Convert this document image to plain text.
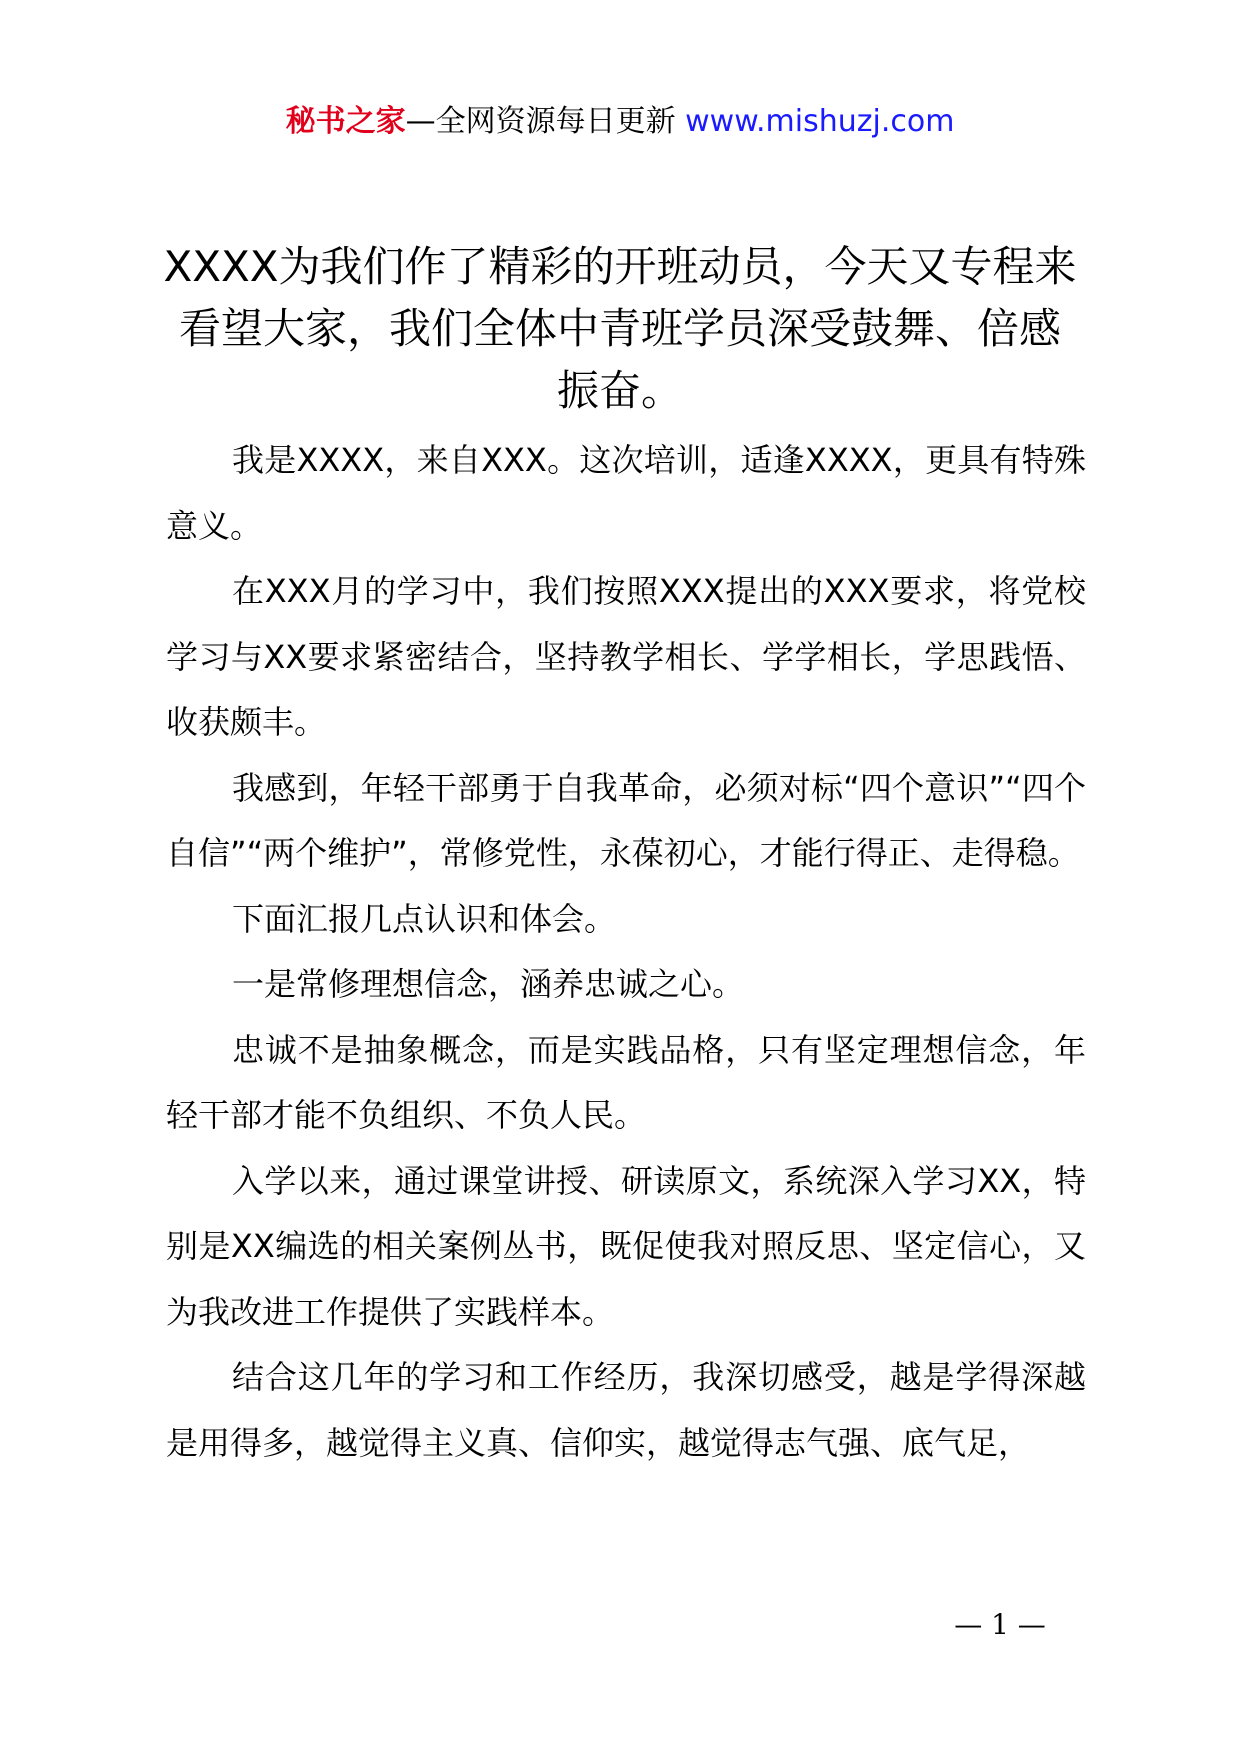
秘书之家—全网资源每日更新 www.mishuzj.com
XXXX为我们作了精彩的开班动员，今天又专程来看望大家，我们全体中青班学员深受鼓舞、倍感振奋。

我是XXXX，来自XXX。这次培训，适逢XXXX，更具有特殊意义。

在XXX月的学习中，我们按照XXX提出的XXX要求，将党校学习与XX要求紧密结合，坚持教学相长、学学相长，学思践悟、收获颇丰。

我感到，年轻干部勇于自我革命，必须对标“四个意识”“四个自信”“两个维护”，常修党性，永葆初心，才能行得正、走得稳。

下面汇报几点认识和体会。

一是常修理想信念，涵养忠诚之心。

忠诚不是抽象概念，而是实践品格，只有坚定理想信念，年轻干部才能不负组织、不负人民。

入学以来，通过课堂讲授、研读原文，系统深入学习XX，特别是XX编选的相关案例丛书，既促使我对照反思、坚定信心，又为我改进工作提供了实践样本。

结合这几年的学习和工作经历，我深切感受，越是学得深越是用得多，越觉得主义真、信仰实，越觉得志气强、底气足，

— 1 —
